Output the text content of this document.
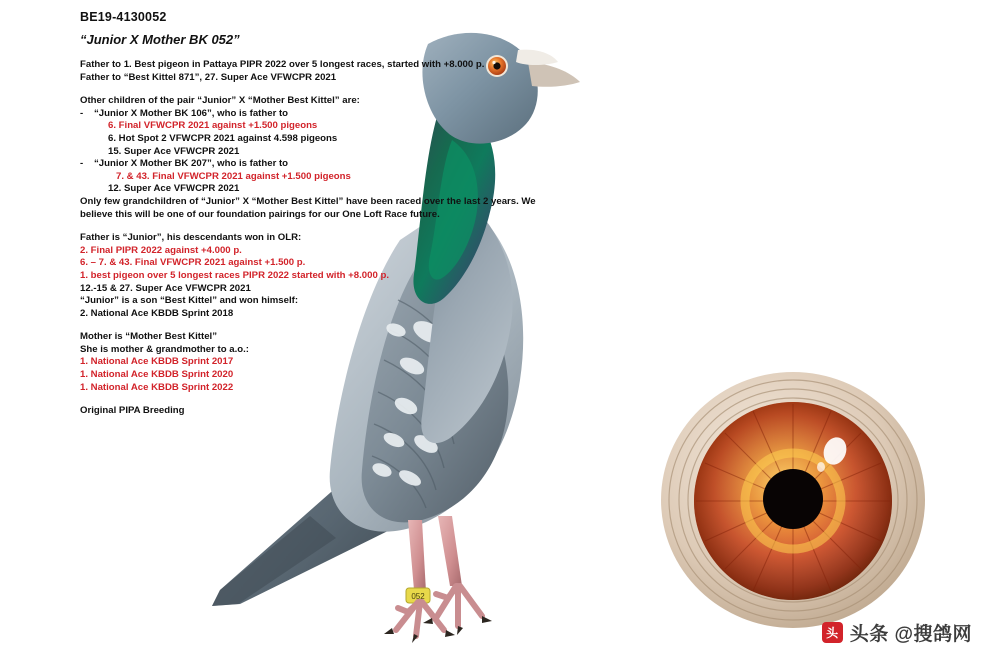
052
BE19-4130052
“Junior X Mother BK 052”
Father to 1. Best pigeon in Pattaya PIPR 2022 over 5 longest races, started with +8.000 p.
Father to “Best Kittel 871”, 27. Super Ace VFWCPR 2021
Other children of the pair “Junior” X “Mother Best Kittel” are:
-	“Junior X Mother BK 106”, who is father to
6. Final VFWCPR 2021 against +1.500 pigeons
6. Hot Spot 2 VFWCPR 2021 against 4.598 pigeons
15. Super Ace VFWCPR 2021
-	“Junior X Mother BK 207”, who is father to
7. & 43. Final VFWCPR 2021 against +1.500 pigeons
12. Super Ace VFWCPR 2021
Only few grandchildren of “Junior” X “Mother Best Kittel” have been raced over the last 2 years. We believe this will be one of our foundation pairings for our One Loft Race future.
Father is “Junior”, his descendants won in OLR:
2. Final PIPR 2022 against +4.000 p.
6. – 7. & 43. Final VFWCPR 2021 against +1.500 p.
1. best pigeon over 5 longest races PIPR 2022 started with +8.000 p.
12.-15 & 27. Super Ace VFWCPR 2021
“Junior” is a son “Best Kittel” and won himself:
2. National Ace KBDB Sprint 2018
Mother is “Mother Best Kittel”
She is mother & grandmother to a.o.:
1. National Ace KBDB Sprint 2017
1. National Ace KBDB Sprint 2020
1. National Ace KBDB Sprint 2022
Original PIPA Breeding
头 头条 @搜鸽网
